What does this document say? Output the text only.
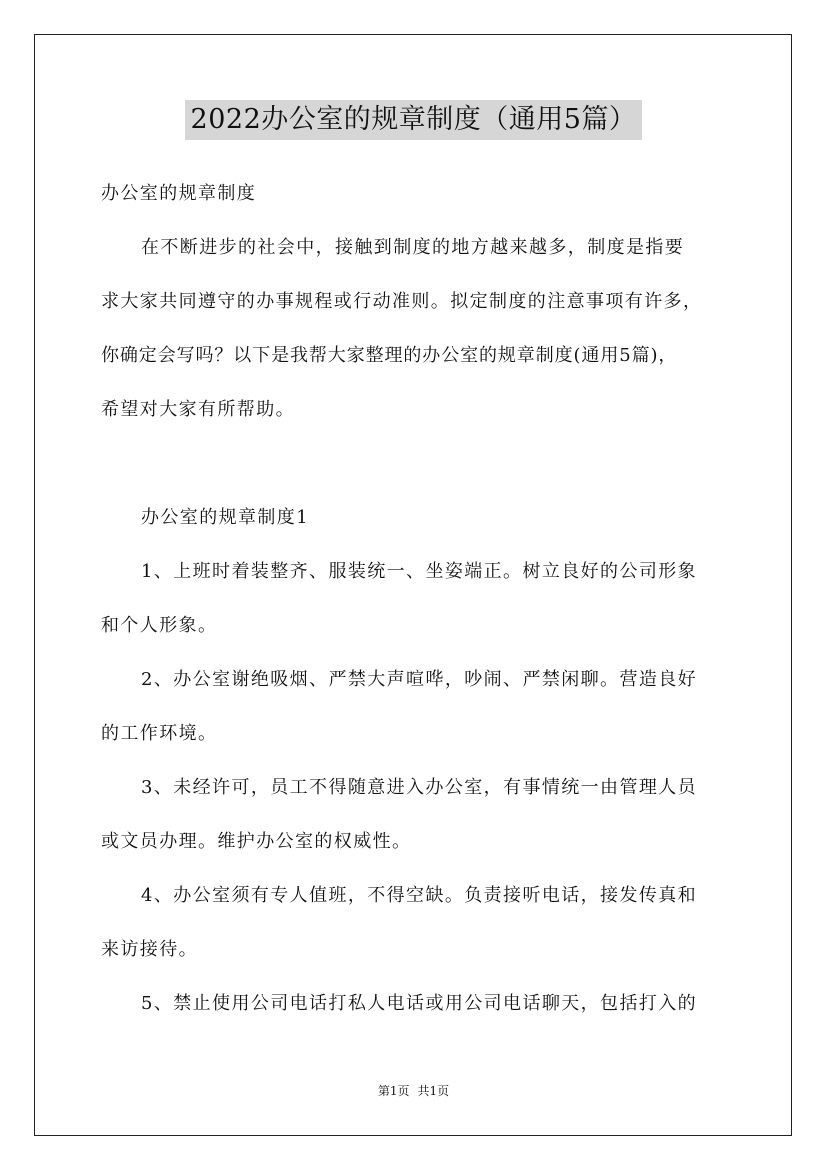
2022办公室的规章制度（通用5篇）
办公室的规章制度
在不断进步的社会中，接触到制度的地方越来越多，制度是指要
求大家共同遵守的办事规程或行动准则。拟定制度的注意事项有许多，
你确定会写吗？以下是我帮大家整理的办公室的规章制度(通用5篇)，
希望对大家有所帮助。
办公室的规章制度1
1、上班时着装整齐、服装统一、坐姿端正。树立良好的公司形象
和个人形象。
2、办公室谢绝吸烟、严禁大声喧哗，吵闹、严禁闲聊。营造良好
的工作环境。
3、未经许可，员工不得随意进入办公室，有事情统一由管理人员
或文员办理。维护办公室的权威性。
4、办公室须有专人值班，不得空缺。负责接听电话，接发传真和
来访接待。
5、禁止使用公司电话打私人电话或用公司电话聊天，包括打入的
第1页 共1页
